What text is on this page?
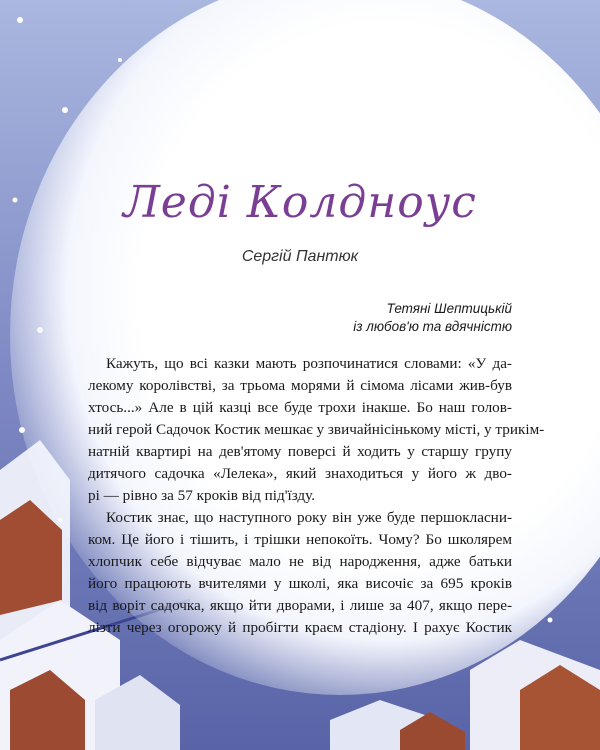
Леді Колдноус
Сергій Пантюк
Тетяні Шептицькій
із любов'ю та вдячністю
Кажуть, що всі казки мають розпочинатися словами: «У да-
лекому королівстві, за трьома морями й сімома лісами жив-був
хтось...» Але в цій казці все буде трохи інакше. Бо наш голов-
ний герой Садочок Костик мешкає у звичайнісінькому місті, у трикім-
натній квартирі на дев'ятому поверсі й ходить у старшу групу
дитячого садочка «Лелека», який знаходиться у його ж дво-
рі — рівно за 57 кроків від під'їзду.
Костик знає, що наступного року він уже буде першокласни-
ком. Це його і тішить, і трішки непокоїть. Чому? Бо школярем
хлопчик себе відчуває мало не від народження, адже батьки
його працюють вчителями у школі, яка височіє за 695 кроків
від воріт садочка, якщо йти дворами, і лише за 407, якщо пере-
лізти через огорожу й пробігти краєм стадіону. І рахує Костик
